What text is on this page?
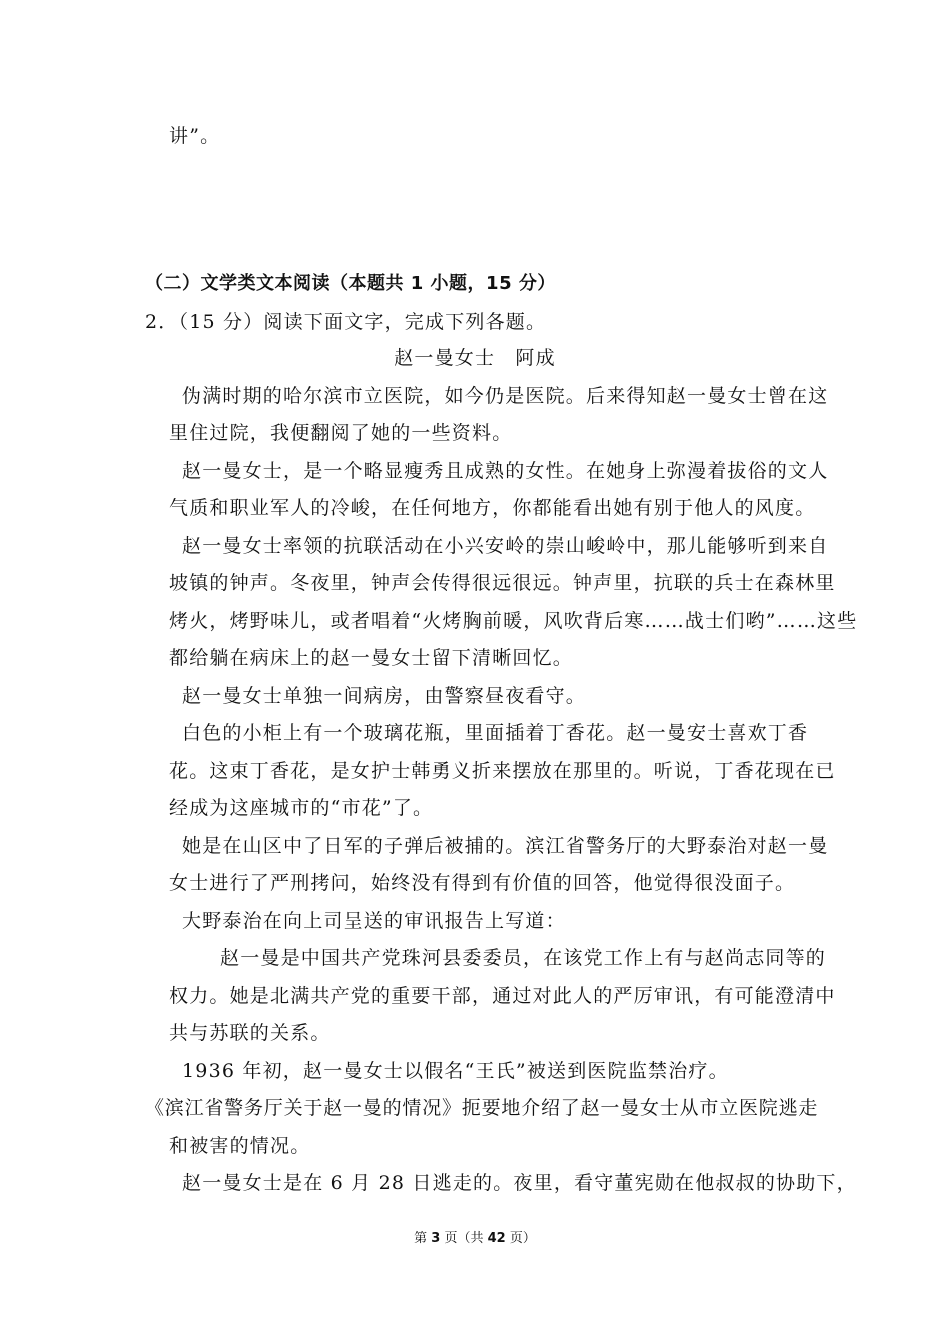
讲”。
（二）文学类文本阅读（本题共 1 小题，15 分）
2．（15 分）阅读下面文字，完成下列各题。
赵一曼女士　阿成
伪满时期的哈尔滨市立医院，如今仍是医院。后来得知赵一曼女士曾在这
里住过院，我便翻阅了她的一些资料。
赵一曼女士，是一个略显瘦秀且成熟的女性。在她身上弥漫着拔俗的文人
气质和职业军人的冷峻，在任何地方，你都能看出她有别于他人的风度。
赵一曼女士率领的抗联活动在小兴安岭的崇山峻岭中，那儿能够听到来自
坡镇的钟声。冬夜里，钟声会传得很远很远。钟声里，抗联的兵士在森林里
烤火，烤野味儿，或者唱着“火烤胸前暖，风吹背后寒……战士们哟”……这些
都给躺在病床上的赵一曼女士留下清晰回忆。
赵一曼女士单独一间病房，由警察昼夜看守。
白色的小柜上有一个玻璃花瓶，里面插着丁香花。赵一曼安士喜欢丁香
花。这束丁香花，是女护士韩勇义折来摆放在那里的。听说，丁香花现在已
经成为这座城市的“市花”了。
她是在山区中了日军的子弹后被捕的。滨江省警务厅的大野泰治对赵一曼
女士进行了严刑拷问，始终没有得到有价值的回答，他觉得很没面子。
大野泰治在向上司呈送的审讯报告上写道：
赵一曼是中国共产党珠河县委委员，在该党工作上有与赵尚志同等的
权力。她是北满共产党的重要干部，通过对此人的严厉审讯，有可能澄清中
共与苏联的关系。
1936 年初，赵一曼女士以假名“王氏”被送到医院监禁治疗。
《滨江省警务厅关于赵一曼的情况》扼要地介绍了赵一曼女士从市立医院逃走
和被害的情况。
赵一曼女士是在 6 月 28 日逃走的。夜里，看守董宪勋在他叔叔的协助下，
第 3 页（共 42 页）
